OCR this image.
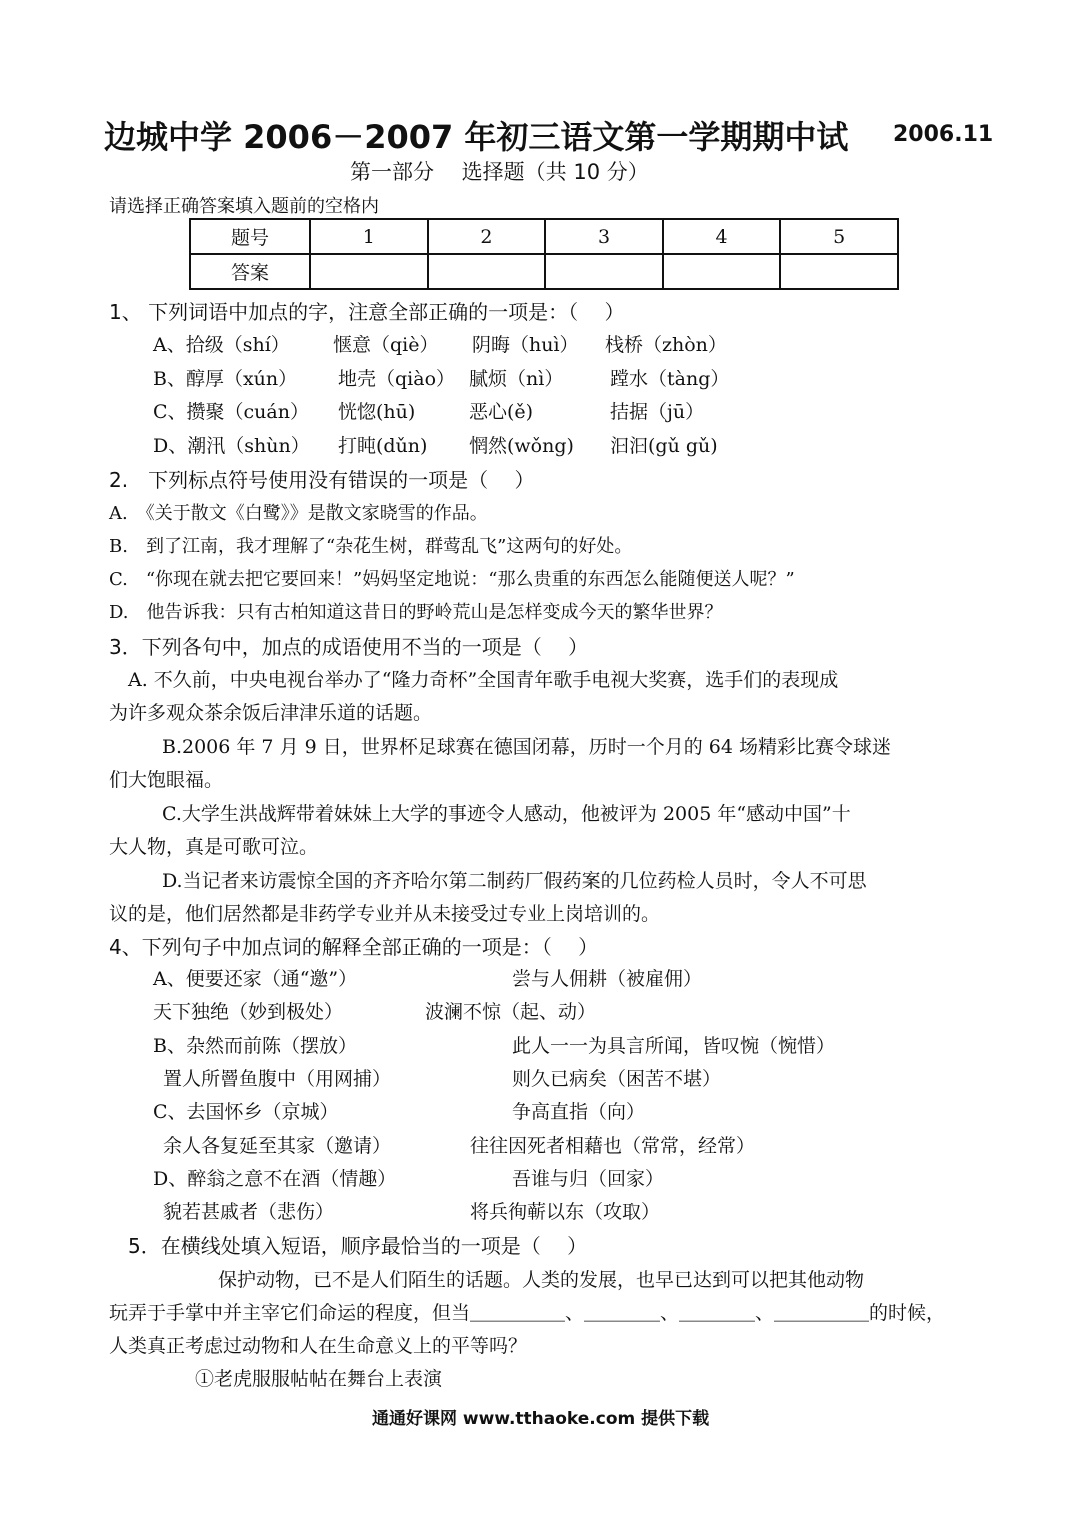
边城中学 2006－2007 年初三语文第一学期期中试 2006.11
第一部分　 选择题（共 10 分）
请选择正确答案填入题前的空格内
题号	1	2	3	4	5
答案					
1、 下列词语中加点的字，注意全部正确的一项是：（　 ）
A、拾级（shí） 惬意（qiè） 阴晦（huì） 栈桥（zhòn）
B、醇厚（xún） 地壳（qiào） 腻烦（nì） 蹚水（tàng）
C、攒聚（cuán） 恍惚(hū)	恶心(ě)	拮据（jū）
D、潮汛（shùn） 打盹(dǔn) 惘然(wǒng) 汩汩(gǔ gǔ)
2.　下列标点符号使用没有错误的一项是（　 ）
A.　《关于散文《白鹭》》是散文家晓雪的作品。
B.　到了江南，我才理解了“杂花生树，群莺乱飞”这两句的好处。
C.　“你现在就去把它要回来！”妈妈坚定地说：“那么贵重的东西怎么能随便送人呢？”
D.　他告诉我：只有古柏知道这昔日的野岭荒山是怎样变成今天的繁华世界？
3．下列各句中，加点的成语使用不当的一项是（　 ）
A. 不久前，中央电视台举办了“隆力奇杯”全国青年歌手电视大奖赛，选手们的表现成
为许多观众茶余饭后津津乐道的话题。
B.2006 年 7 月 9 日，世界杯足球赛在德国闭幕，历时一个月的 64 场精彩比赛令球迷
们大饱眼福。
C.大学生洪战辉带着妹妹上大学的事迹令人感动，他被评为 2005 年“感动中国”十
大人物，真是可歌可泣。
D.当记者来访震惊全国的齐齐哈尔第二制药厂假药案的几位药检人员时，令人不可思
议的是，他们居然都是非药学专业并从未接受过专业上岗培训的。
4、下列句子中加点词的解释全部正确的一项是：（　 ）
A、便要还家（通“邀”）	尝与人佣耕（被雇佣）
天下独绝（妙到极处）	波澜不惊（起、动）
B、杂然而前陈（摆放）	此人一一为具言所闻，皆叹惋（惋惜）
置人所罾鱼腹中（用网捕）	则久已病矣（困苦不堪）
C、去国怀乡（京城）	争高直指（向）
余人各复延至其家（邀请）	往往因死者相藉也（常常，经常）
D、醉翁之意不在酒（情趣）	吾谁与归（回家）
貌若甚戚者（悲伤）	将兵徇蕲以东（攻取）
5．在横线处填入短语，顺序最恰当的一项是（　 ）
保护动物，已不是人们陌生的话题。人类的发展，也早已达到可以把其他动物
玩弄于手掌中并主宰它们命运的程度，但当＿＿＿＿＿、＿＿＿＿、＿＿＿＿、＿＿＿＿＿的时候，
人类真正考虑过动物和人在生命意义上的平等吗？
①老虎服服帖帖在舞台上表演
通通好课网 www.tthaoke.com 提供下载
